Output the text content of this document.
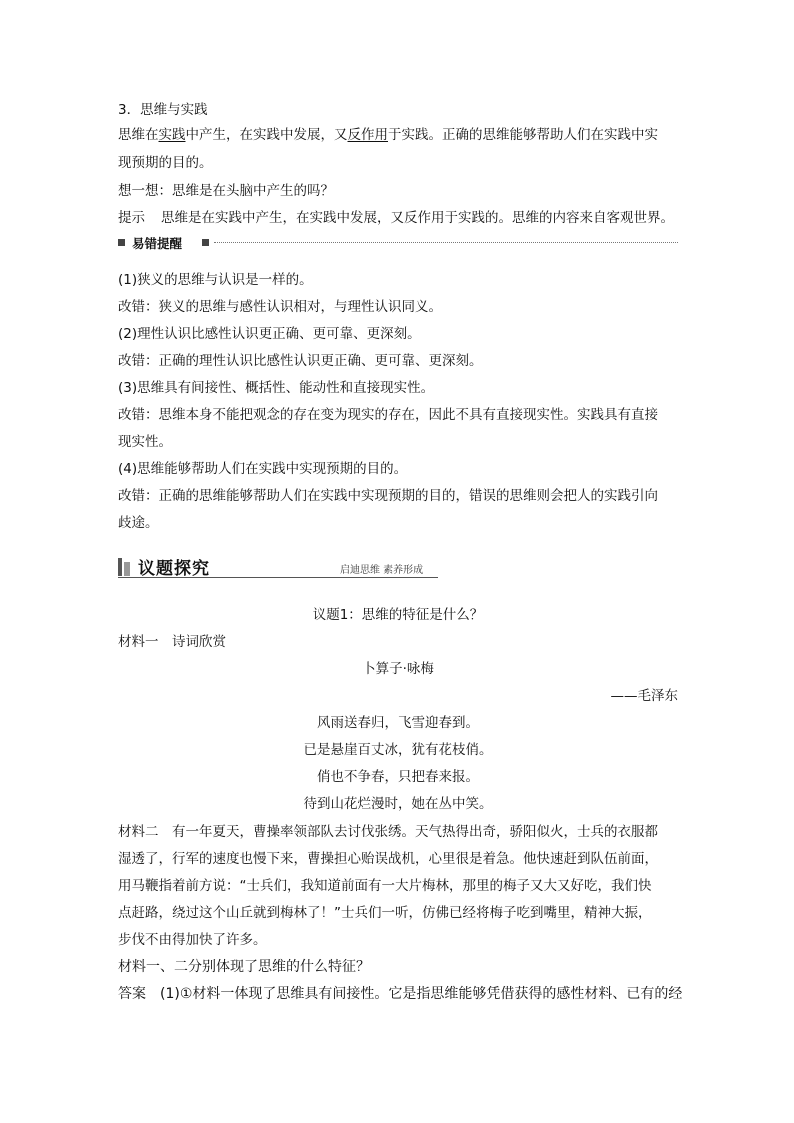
3．思维与实践
思维在实践中产生，在实践中发展，又反作用于实践。正确的思维能够帮助人们在实践中实
现预期的目的。
想一想：思维是在头脑中产生的吗？
提示 思维是在实践中产生，在实践中发展，又反作用于实践的。思维的内容来自客观世界。
易错提醒
(1)狭义的思维与认识是一样的。
改错：狭义的思维与感性认识相对，与理性认识同义。
(2)理性认识比感性认识更正确、更可靠、更深刻。
改错：正确的理性认识比感性认识更正确、更可靠、更深刻。
(3)思维具有间接性、概括性、能动性和直接现实性。
改错：思维本身不能把观念的存在变为现实的存在，因此不具有直接现实性。实践具有直接
现实性。
(4)思维能够帮助人们在实践中实现预期的目的。
改错：正确的思维能够帮助人们在实践中实现预期的目的，错误的思维则会把人的实践引向
歧途。
议题探究	启迪思维 素养形成
议题1：思维的特征是什么？
材料一　诗词欣赏
卜算子·咏梅
——毛泽东
风雨送春归，飞雪迎春到。
已是悬崖百丈冰，犹有花枝俏。
俏也不争春，只把春来报。
待到山花烂漫时，她在丛中笑。
材料二　有一年夏天，曹操率领部队去讨伐张绣。天气热得出奇，骄阳似火，士兵的衣服都
湿透了，行军的速度也慢下来，曹操担心贻误战机，心里很是着急。他快速赶到队伍前面，
用马鞭指着前方说：“士兵们，我知道前面有一大片梅林，那里的梅子又大又好吃，我们快
点赶路，绕过这个山丘就到梅林了！”士兵们一听，仿佛已经将梅子吃到嘴里，精神大振，
步伐不由得加快了许多。
材料一、二分别体现了思维的什么特征？
答案　(1)①材料一体现了思维具有间接性。它是指思维能够凭借获得的感性材料、已有的经
